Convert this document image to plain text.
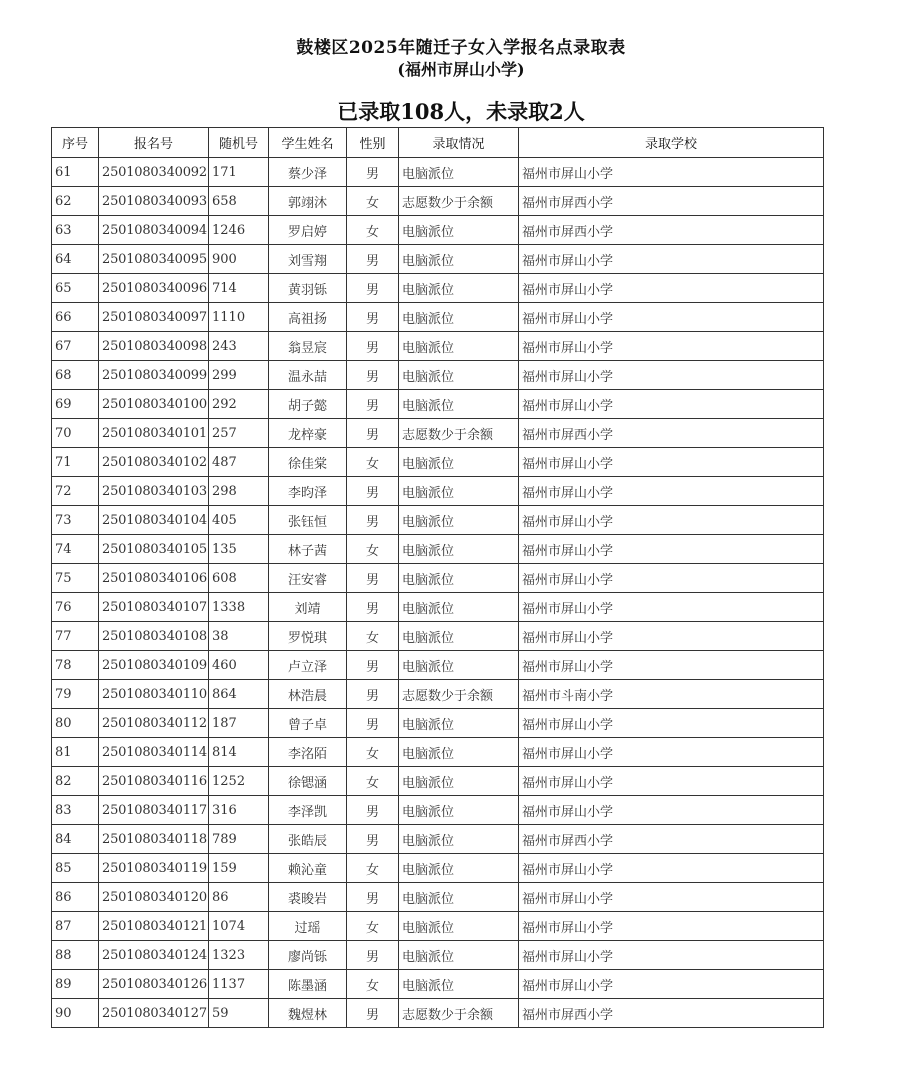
鼓楼区2025年随迁子女入学报名点录取表
(福州市屏山小学)
已录取108人，未录取2人
序号	报名号	随机号	学生姓名	性别	录取情况	录取学校
61	2501080340092	171	蔡少泽	男	电脑派位	福州市屏山小学
62	2501080340093	658	郭翊沐	女	志愿数少于余额	福州市屏西小学
63	2501080340094	1246	罗启婷	女	电脑派位	福州市屏西小学
64	2501080340095	900	刘雪翔	男	电脑派位	福州市屏山小学
65	2501080340096	714	黄羽铄	男	电脑派位	福州市屏山小学
66	2501080340097	1110	高祖扬	男	电脑派位	福州市屏山小学
67	2501080340098	243	翁昱宸	男	电脑派位	福州市屏山小学
68	2501080340099	299	温永喆	男	电脑派位	福州市屏山小学
69	2501080340100	292	胡子懿	男	电脑派位	福州市屏山小学
70	2501080340101	257	龙梓豪	男	志愿数少于余额	福州市屏西小学
71	2501080340102	487	徐佳棠	女	电脑派位	福州市屏山小学
72	2501080340103	298	李昀泽	男	电脑派位	福州市屏山小学
73	2501080340104	405	张钰恒	男	电脑派位	福州市屏山小学
74	2501080340105	135	林子茜	女	电脑派位	福州市屏山小学
75	2501080340106	608	汪安睿	男	电脑派位	福州市屏山小学
76	2501080340107	1338	刘靖	男	电脑派位	福州市屏山小学
77	2501080340108	38	罗悦琪	女	电脑派位	福州市屏山小学
78	2501080340109	460	卢立泽	男	电脑派位	福州市屏山小学
79	2501080340110	864	林浩晨	男	志愿数少于余额	福州市斗南小学
80	2501080340112	187	曾子卓	男	电脑派位	福州市屏山小学
81	2501080340114	814	李洺陌	女	电脑派位	福州市屏山小学
82	2501080340116	1252	徐锶涵	女	电脑派位	福州市屏山小学
83	2501080340117	316	李泽凯	男	电脑派位	福州市屏山小学
84	2501080340118	789	张皓辰	男	电脑派位	福州市屏西小学
85	2501080340119	159	赖沁童	女	电脑派位	福州市屏山小学
86	2501080340120	86	裘晙岩	男	电脑派位	福州市屏山小学
87	2501080340121	1074	过瑶	女	电脑派位	福州市屏山小学
88	2501080340124	1323	廖尚铄	男	电脑派位	福州市屏山小学
89	2501080340126	1137	陈墨涵	女	电脑派位	福州市屏山小学
90	2501080340127	59	魏煜林	男	志愿数少于余额	福州市屏西小学
